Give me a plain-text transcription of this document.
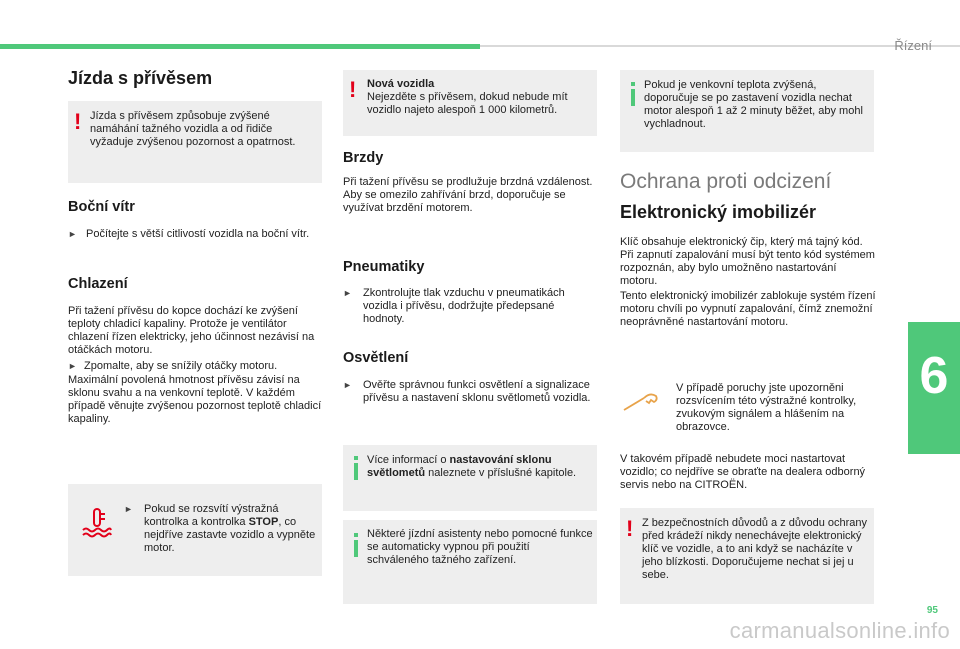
Řízení
6
95
carmanualsonline.info
Jízda s přívěsem
! Jízda s přívěsem způsobuje zvýšené namáhání tažného vozidla a od řidiče vyžaduje zvýšenou pozornost a opatrnost.
Boční vítr
► Počítejte s větší citlivostí vozidla na boční vítr.
Chlazení
Při tažení přívěsu do kopce dochází ke zvýšení teploty chladicí kapaliny. Protože je ventilátor chlazení řízen elektricky, jeho účinnost nezávisí na otáčkách motoru.
► Zpomalte, aby se snížily otáčky motoru.
Maximální povolená hmotnost přívěsu závisí na sklonu svahu a na venkovní teplotě. V každém případě věnujte zvýšenou pozornost teplotě chladicí kapaliny.
►	Pokud se rozsvítí výstražná kontrolka a kontrolka STOP, co nejdříve zastavte vozidlo a vypněte motor.
! Nová vozidla
Nejezděte s přívěsem, dokud nebude mít vozidlo najeto alespoň 1 000 kilometrů.
Brzdy
Při tažení přívěsu se prodlužuje brzdná vzdálenost. Aby se omezilo zahřívání brzd, doporučuje se využívat brzdění motorem.
Pneumatiky
►	Zkontrolujte tlak vzduchu v pneumatikách vozidla i přívěsu, dodržujte předepsané hodnoty.
Osvětlení
►	Ověřte správnou funkci osvětlení a signalizace přívěsu a nastavení sklonu světlometů vozidla.
Více informací o nastavování sklonu světlometů naleznete v příslušné kapitole.
Některé jízdní asistenty nebo pomocné funkce se automaticky vypnou při použití schváleného tažného zařízení.
Pokud je venkovní teplota zvýšená, doporučuje se po zastavení vozidla nechat motor alespoň 1 až 2 minuty běžet, aby mohl vychladnout.
Ochrana proti odcizení
Elektronický imobilizér
Klíč obsahuje elektronický čip, který má tajný kód. Při zapnutí zapalování musí být tento kód systémem rozpoznán, aby bylo umožněno nastartování motoru.
Tento elektronický imobilizér zablokuje systém řízení motoru chvíli po vypnutí zapalování, čímž znemožní neoprávněné nastartování motoru.
V případě poruchy jste upozorněni rozsvícením této výstražné kontrolky, zvukovým signálem a hlášením na obrazovce.
V takovém případě nebudete moci nastartovat vozidlo; co nejdříve se obraťte na dealera odborný servis nebo na CITROËN.
! Z bezpečnostních důvodů a z důvodu ochrany před krádeží nikdy nenechávejte elektronický klíč ve vozidle, a to ani když se nacházíte v jeho blízkosti. Doporučujeme nechat si jej u sebe.
